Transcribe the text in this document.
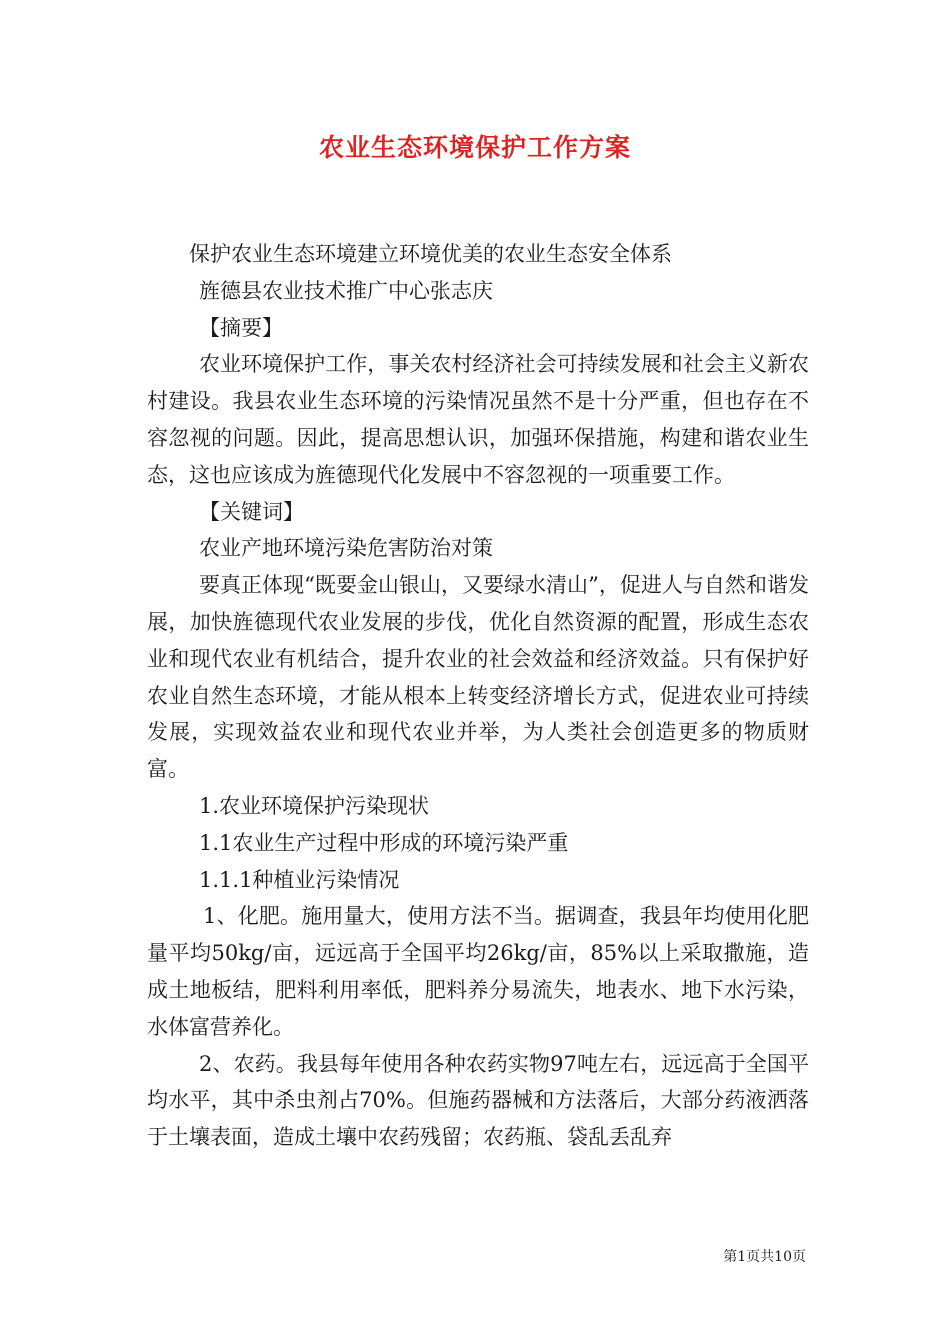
农业生态环境保护工作方案

保护农业生态环境建立环境优美的农业生态安全体系

旌德县农业技术推广中心张志庆

【摘要】

农业环境保护工作，事关农村经济社会可持续发展和社会主义新农村建设。我县农业生态环境的污染情况虽然不是十分严重，但也存在不容忽视的问题。因此，提高思想认识，加强环保措施，构建和谐农业生态，这也应该成为旌德现代化发展中不容忽视的一项重要工作。

【关键词】

农业产地环境污染危害防治对策

要真正体现“既要金山银山，又要绿水清山”，促进人与自然和谐发展，加快旌德现代农业发展的步伐，优化自然资源的配置，形成生态农业和现代农业有机结合，提升农业的社会效益和经济效益。只有保护好农业自然生态环境，才能从根本上转变经济增长方式，促进农业可持续发展，实现效益农业和现代农业并举，为人类社会创造更多的物质财富。

1.农业环境保护污染现状

1.1农业生产过程中形成的环境污染严重

1.1.1种植业污染情况

1、化肥。施用量大，使用方法不当。据调查，我县年均使用化肥量平均50kg/亩，远远高于全国平均26kg/亩，85%以上采取撒施，造成土地板结，肥料利用率低，肥料养分易流失，地表水、地下水污染，水体富营养化。

2、农药。我县每年使用各种农药实物97吨左右，远远高于全国平均水平，其中杀虫剂占70%。但施药器械和方法落后，大部分药液洒落于土壤表面，造成土壤中农药残留；农药瓶、袋乱丢乱弃

第1页共10页
